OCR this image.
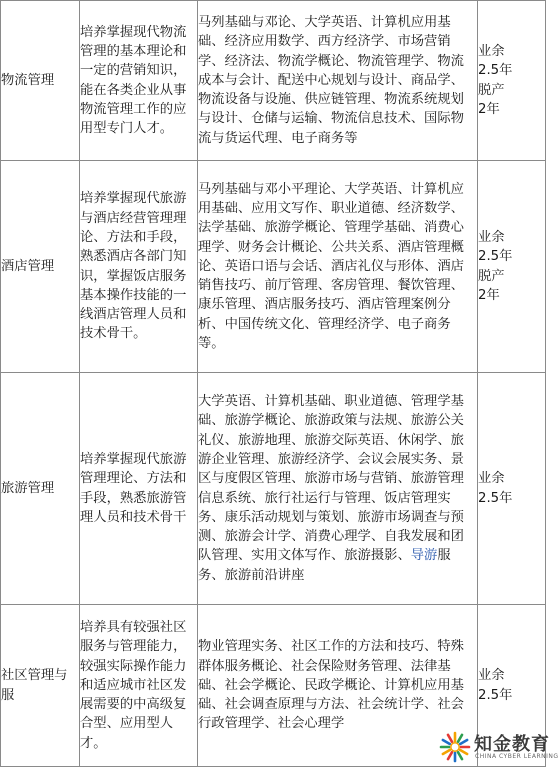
物流管理	培养掌握现代物流管理的基本理论和一定的营销知识，能在各类企业从事物流管理工作的应用型专门人才。	马列基础与邓论、大学英语、计算机应用基础、经济应用数学、西方经济学、市场营销学、经济法、物流学概论、物流管理学、物流成本与会计、配送中心规划与设计、商品学、物流设备与设施、供应链管理、物流系统规划与设计、仓储与运输、物流信息技术、国际物流与货运代理、电子商务等	业余
2.5年
脱产
2年

酒店管理	培养掌握现代旅游与酒店经营管理理论、方法和手段，熟悉酒店各部门知识，掌握饭店服务基本操作技能的一线酒店管理人员和技术骨干。	马列基础与邓小平理论、大学英语、计算机应用基础、应用文写作、职业道德、经济数学、法学基础、旅游学概论、管理学基础、消费心理学、财务会计概论、公共关系、酒店管理概论、英语口语与会话、酒店礼仪与形体、酒店销售技巧、前厅管理、客房管理、餐饮管理、康乐管理、酒店服务技巧、酒店管理案例分析、中国传统文化、管理经济学、电子商务等。	业余
2.5年
脱产
2年

旅游管理	培养掌握现代旅游管理理论、方法和手段，熟悉旅游管理人员和技术骨干	大学英语、计算机基础、职业道德、管理学基础、旅游学概论、旅游政策与法规、旅游公关礼仪、旅游地理、旅游交际英语、休闲学、旅游企业管理、旅游经济学、会议会展实务、景区与度假区管理、旅游市场与营销、旅游管理信息系统、旅行社运行与管理、饭店管理实务、康乐活动规划与策划、旅游市场调查与预测、旅游会计学、消费心理学、自我发展和团队管理、实用文体写作、旅游摄影、导游服务、旅游前沿讲座	业余
2.5年

社区管理与服	培养具有较强社区服务与管理能力，较强实际操作能力和适应城市社区发展需要的中高级复合型、应用型人才。	物业管理实务、社区工作的方法和技巧、特殊群体服务概论、社会保险财务管理、法律基础、社会学概论、民政学概论、计算机应用基础、社会调查原理与方法、社会统计学、社会行政管理学、社会心理学	业余
2.5年
知金教育
CHINA CYBER LEARNING
